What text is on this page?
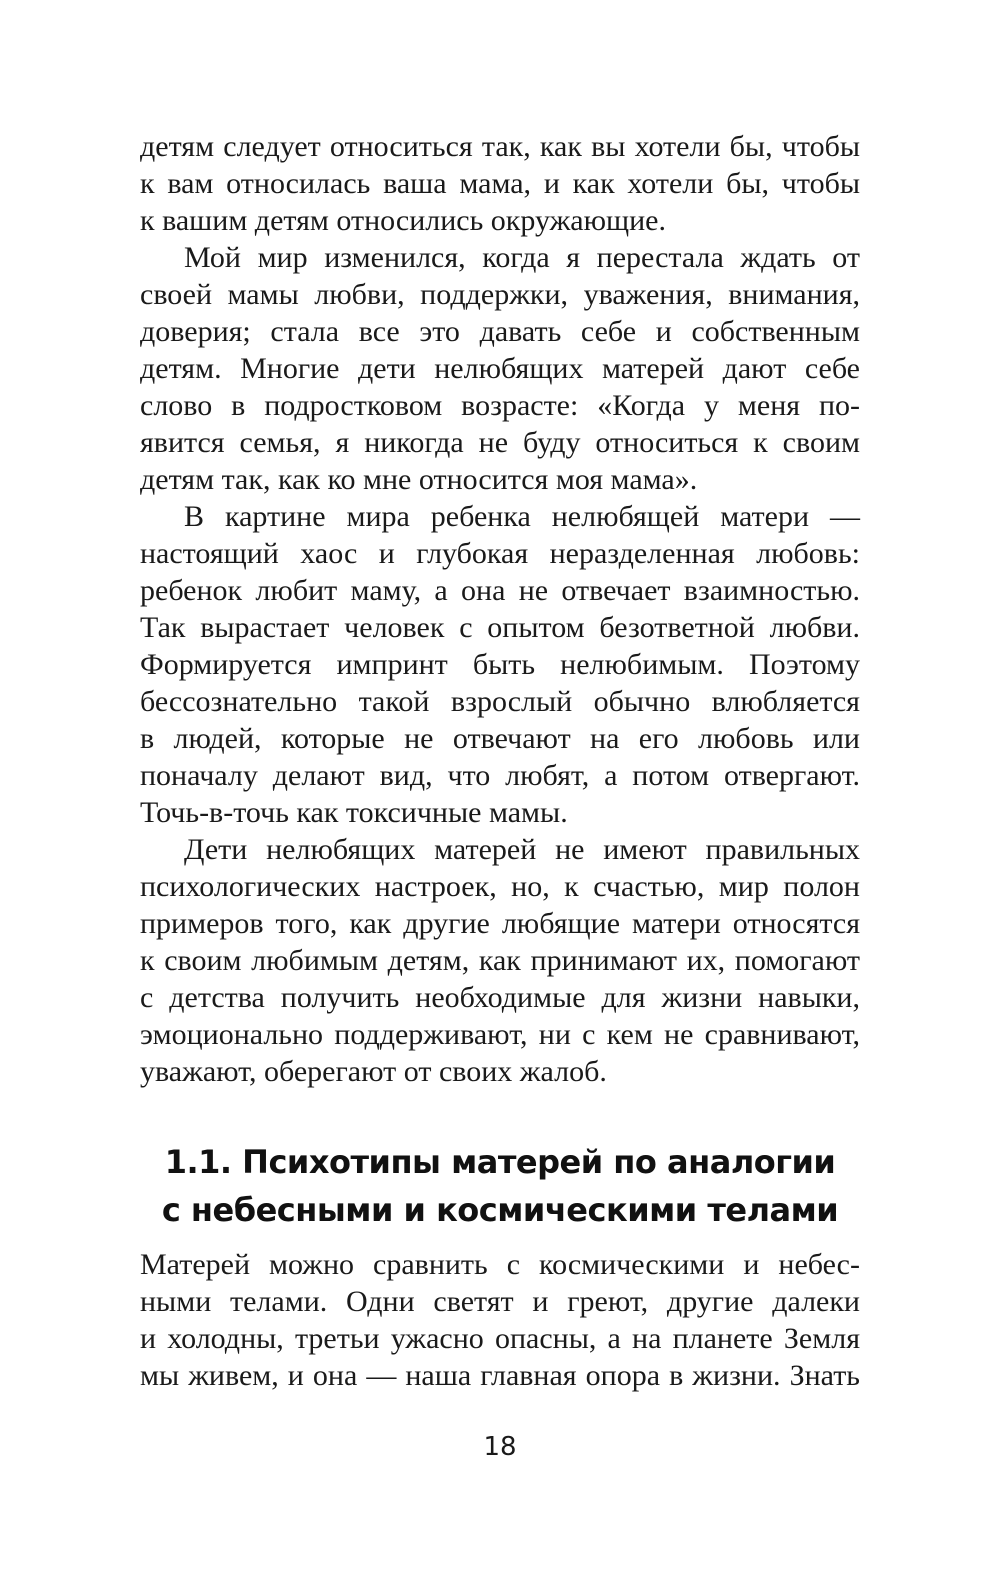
детям следует относиться так, как вы хотели бы, чтобы
к вам относилась ваша мама, и как хотели бы, чтобы
к вашим детям относились окружающие.
Мой мир изменился, когда я перестала ждать от
своей мамы любви, поддержки, уважения, внимания,
доверия; стала все это давать себе и собственным
детям. Многие дети нелюбящих матерей дают себе
слово в подростковом возрасте: «Когда у меня по-
явится семья, я никогда не буду относиться к своим
детям так, как ко мне относится моя мама».
В картине мира ребенка нелюбящей матери —
настоящий хаос и глубокая неразделенная любовь:
ребенок любит маму, а она не отвечает взаимностью.
Так вырастает человек с опытом безответной любви.
Формируется импринт быть нелюбимым. Поэтому
бессознательно такой взрослый обычно влюбляется
в людей, которые не отвечают на его любовь или
поначалу делают вид, что любят, а потом отвергают.
Точь-в-точь как токсичные мамы.
Дети нелюбящих матерей не имеют правильных
психологических настроек, но, к счастью, мир полон
примеров того, как другие любящие матери относятся
к своим любимым детям, как принимают их, помогают
с детства получить необходимые для жизни навыки,
эмоционально поддерживают, ни с кем не сравнивают,
уважают, оберегают от своих жалоб.
1.1. Психотипы матерей по аналогии
с небесными и космическими телами
Матерей можно сравнить с космическими и небес-
ными телами. Одни светят и греют, другие далеки
и холодны, третьи ужасно опасны, а на планете Земля
мы живем, и она — наша главная опора в жизни. Знать
18
